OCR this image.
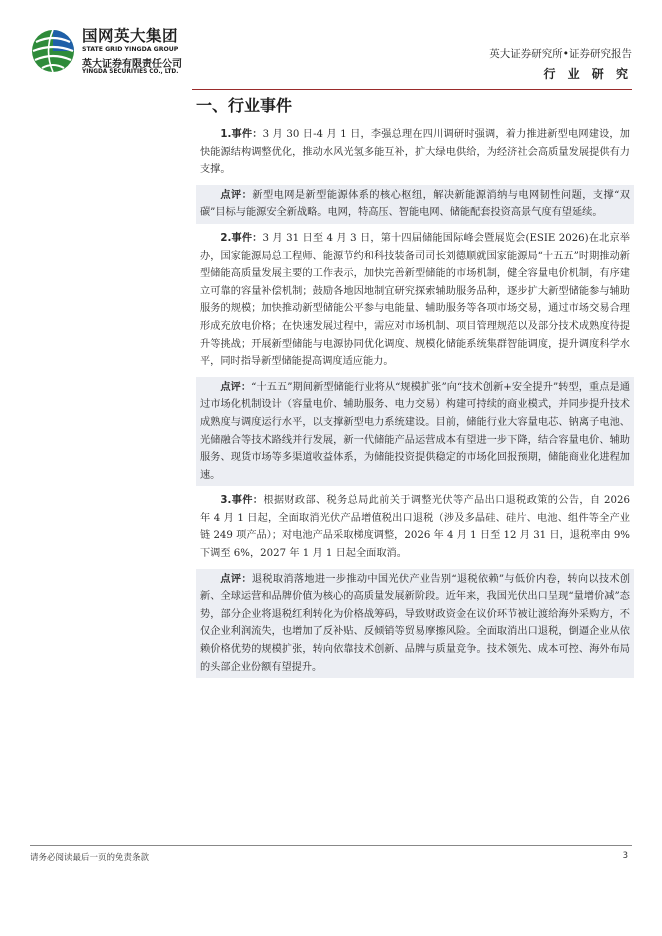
国网英大集团
STATE GRID YINGDA GROUP
英大证券有限责任公司
YINGDA SECURITIES CO., LTD.
英大证券研究所•证券研究报告
行 业 研 究
一、行业事件

1.事件：3 月 30 日-4 月 1 日，李强总理在四川调研时强调，着力推进新型电网建设，加快能源结构调整优化，推动水风光氢多能互补，扩大绿电供给，为经济社会高质量发展提供有力支撑。

点评：新型电网是新型能源体系的核心枢纽，解决新能源消纳与电网韧性问题，支撑“双碳”目标与能源安全新战略。电网，特高压、智能电网、储能配套投资高景气度有望延续。

2.事件：3 月 31 日至 4 月 3 日，第十四届储能国际峰会暨展览会(ESIE 2026)在北京举办，国家能源局总工程师、能源节约和科技装备司司长刘德顺就国家能源局“十五五”时期推动新型储能高质量发展主要的工作表示，加快完善新型储能的市场机制，健全容量电价机制，有序建立可靠的容量补偿机制；鼓励各地因地制宜研究探索辅助服务品种，逐步扩大新型储能参与辅助服务的规模；加快推动新型储能公平参与电能量、辅助服务等各项市场交易，通过市场交易合理形成充放电价格；在快速发展过程中，需应对市场机制、项目管理规范以及部分技术成熟度待提升等挑战；开展新型储能与电源协同优化调度、规模化储能系统集群智能调度，提升调度科学水平，同时指导新型储能提高调度适应能力。

点评：“十五五”期间新型储能行业将从“规模扩张”向“技术创新+安全提升”转型，重点是通过市场化机制设计（容量电价、辅助服务、电力交易）构建可持续的商业模式，并同步提升技术成熟度与调度运行水平，以支撑新型电力系统建设。目前，储能行业大容量电芯、钠离子电池、光储融合等技术路线并行发展，新一代储能产品运营成本有望进一步下降，结合容量电价、辅助服务、现货市场等多渠道收益体系，为储能投资提供稳定的市场化回报预期，储能商业化进程加速。

3.事件：根据财政部、税务总局此前关于调整光伏等产品出口退税政策的公告，自 2026 年 4 月 1 日起，全面取消光伏产品增值税出口退税（涉及多晶硅、硅片、电池、组件等全产业链 249 项产品）；对电池产品采取梯度调整，2026 年 4 月 1 日至 12 月 31 日，退税率由 9%下调至 6%，2027 年 1 月 1 日起全面取消。

点评：退税取消落地进一步推动中国光伏产业告别“退税依赖”与低价内卷，转向以技术创新、全球运营和品牌价值为核心的高质量发展新阶段。近年来，我国光伏出口呈现“量增价减”态势，部分企业将退税红利转化为价格战筹码，导致财政资金在议价环节被让渡给海外采购方，不仅企业利润流失，也增加了反补贴、反倾销等贸易摩擦风险。全面取消出口退税，倒逼企业从依赖价格优势的规模扩张，转向依靠技术创新、品牌与质量竞争。技术领先、成本可控、海外布局的头部企业份额有望提升。

请务必阅读最后一页的免责条款	3
